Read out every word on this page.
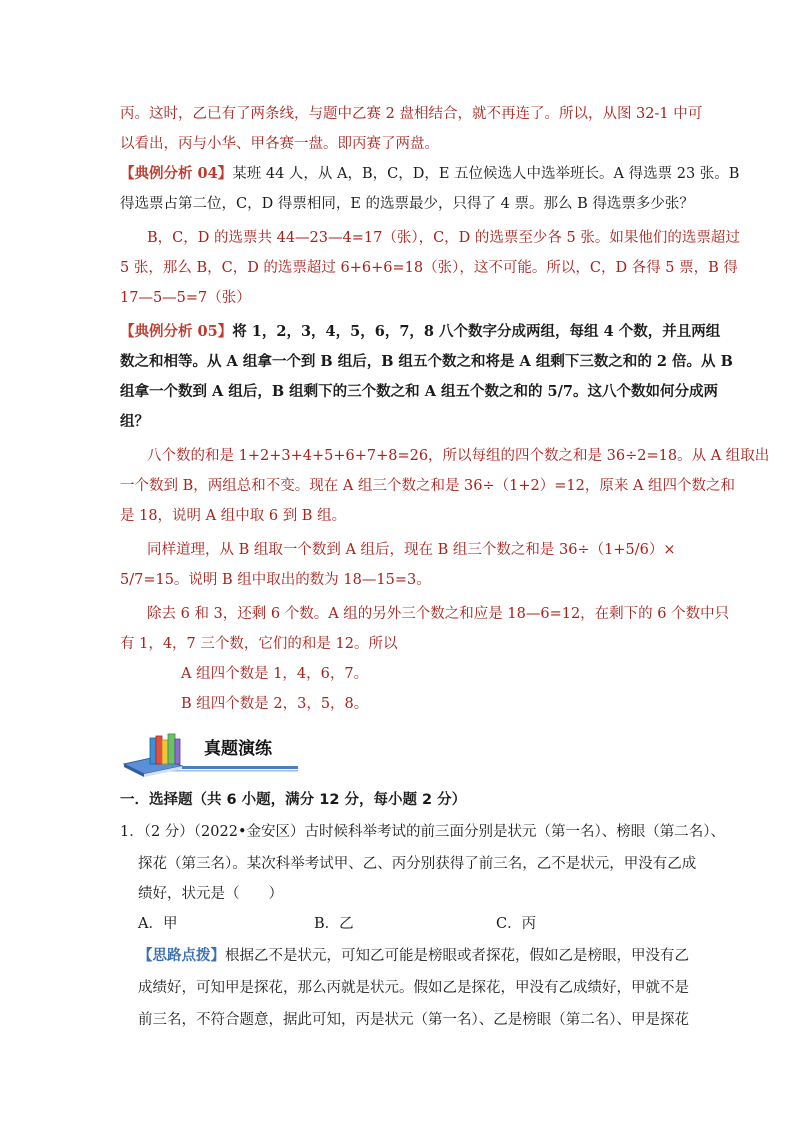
丙。这时，乙已有了两条线，与题中乙赛 2 盘相结合，就不再连了。所以，从图 32-1 中可
以看出，丙与小华、甲各赛一盘。即丙赛了两盘。
【典例分析 04】某班 44 人，从 A，B，C，D，E 五位候选人中选举班长。A 得选票 23 张。B
得选票占第二位，C，D 得票相同，E 的选票最少，只得了 4 票。那么 B 得选票多少张？
B，C，D 的选票共 44—23—4=17（张），C，D 的选票至少各 5 张。如果他们的选票超过
5 张，那么 B，C，D 的选票超过 6+6+6=18（张），这不可能。所以，C，D 各得 5 票，B 得
17—5—5=7（张）
【典例分析 05】将 1，2，3，4，5，6，7，8 八个数字分成两组，每组 4 个数，并且两组
数之和相等。从 A 组拿一个到 B 组后，B 组五个数之和将是 A 组剩下三数之和的 2 倍。从 B
组拿一个数到 A 组后，B 组剩下的三个数之和 A 组五个数之和的 5/7。这八个数如何分成两
组？
八个数的和是 1+2+3+4+5+6+7+8=26，所以每组的四个数之和是 36÷2=18。从 A 组取出
一个数到 B，两组总和不变。现在 A 组三个数之和是 36÷（1+2）=12，原来 A 组四个数之和
是 18，说明 A 组中取 6 到 B 组。
同样道理，从 B 组取一个数到 A 组后，现在 B 组三个数之和是 36÷（1+5/6）×
5/7=15。说明 B 组中取出的数为 18—15=3。
除去 6 和 3，还剩 6 个数。A 组的另外三个数之和应是 18—6=12，在剩下的 6 个数中只
有 1，4，7 三个数，它们的和是 12。所以
A 组四个数是 1，4，6，7。
B 组四个数是 2，3，5，8。
真题演练
一．选择题（共 6 小题，满分 12 分，每小题 2 分）
1．（2 分）（2022•金安区）古时候科举考试的前三面分别是状元（第一名）、榜眼（第二名）、
探花（第三名）。某次科举考试甲、乙、丙分别获得了前三名，乙不是状元，甲没有乙成
绩好，状元是（　　）
A．甲	B．乙	C．丙
【思路点拨】根据乙不是状元，可知乙可能是榜眼或者探花，假如乙是榜眼，甲没有乙
成绩好，可知甲是探花，那么丙就是状元。假如乙是探花，甲没有乙成绩好，甲就不是
前三名，不符合题意，据此可知，丙是状元（第一名）、乙是榜眼（第二名）、甲是探花
